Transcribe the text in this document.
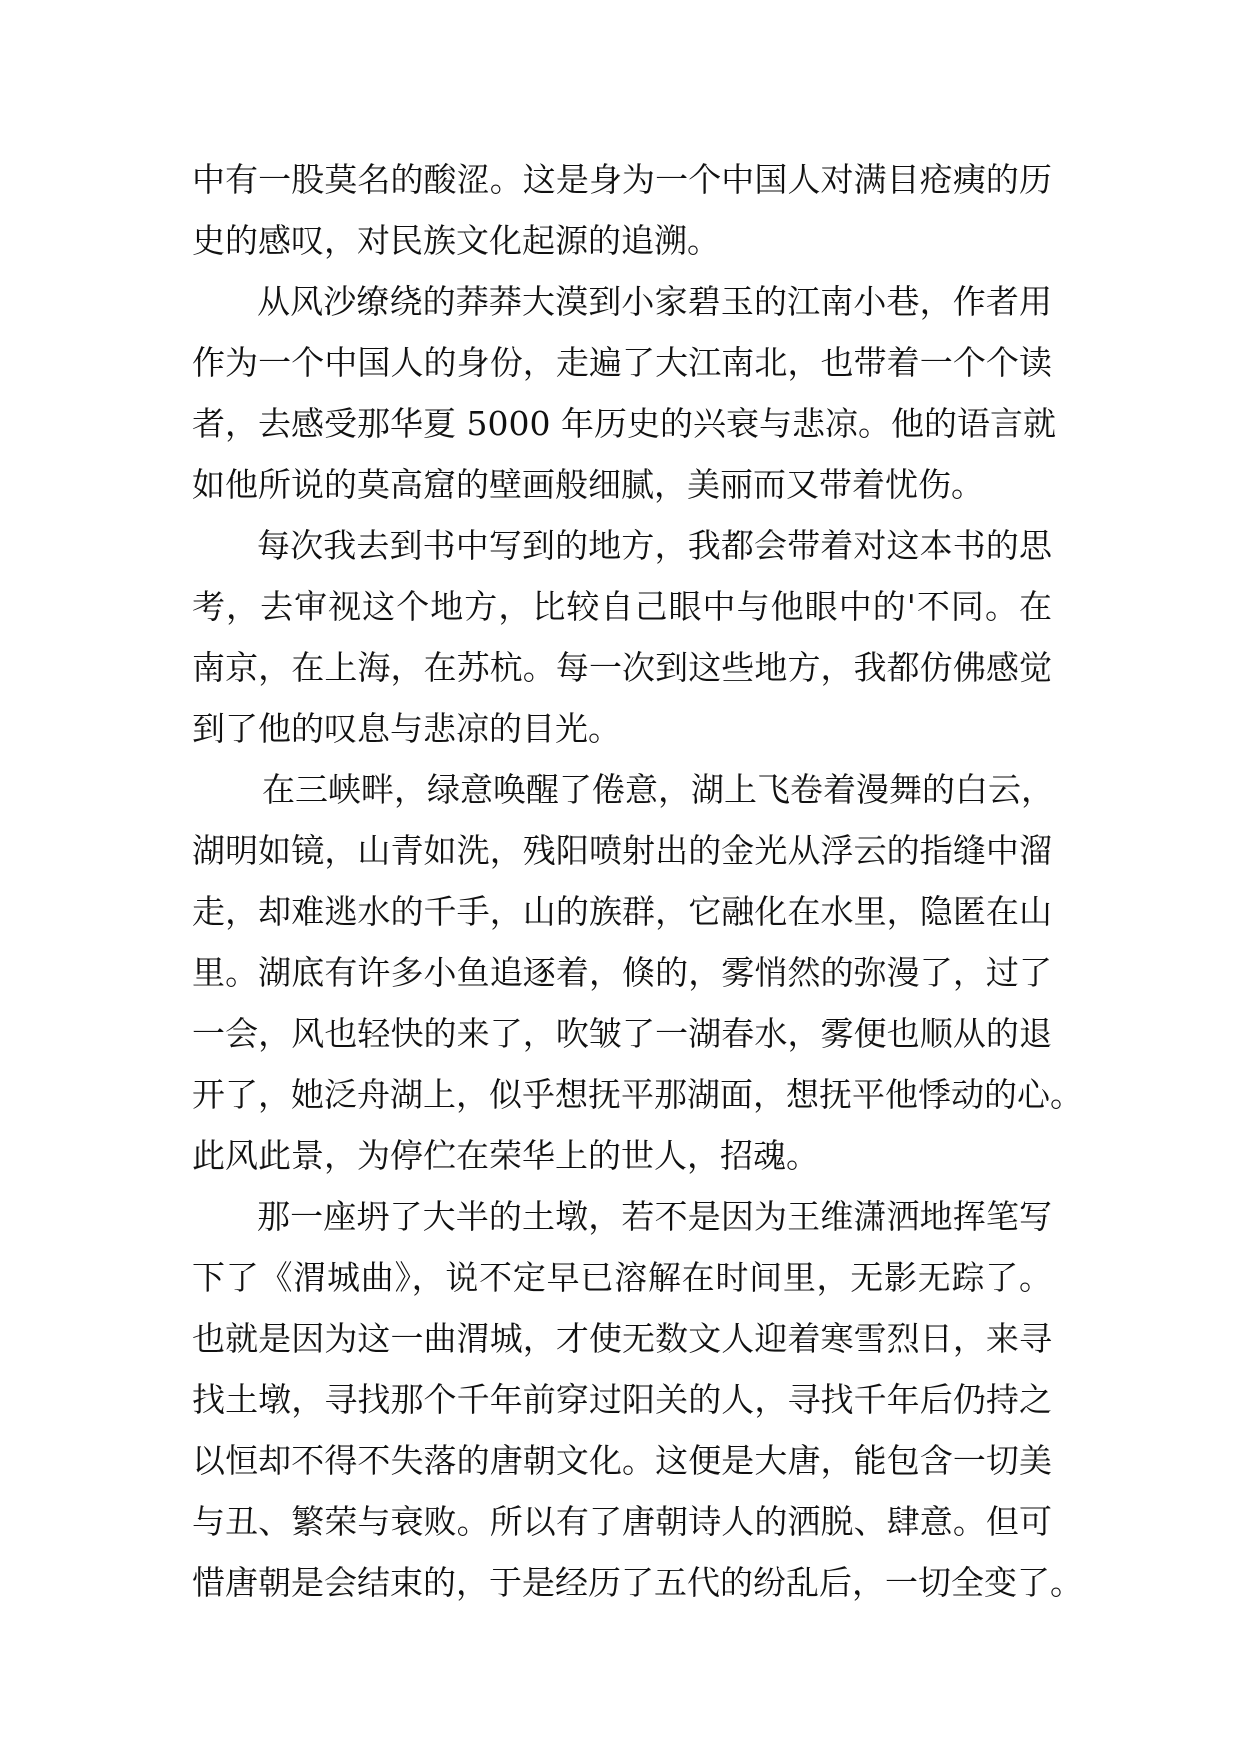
中有一股莫名的酸涩。这是身为一个中国人对满目疮痍的历

史的感叹，对民族文化起源的追溯。

从风沙缭绕的莽莽大漠到小家碧玉的江南小巷，作者用

作为一个中国人的身份，走遍了大江南北，也带着一个个读

者，去感受那华夏 5000 年历史的兴衰与悲凉。他的语言就

如他所说的莫高窟的壁画般细腻，美丽而又带着忧伤。

每次我去到书中写到的地方，我都会带着对这本书的思

考，去审视这个地方，比较自己眼中与他眼中的'不同。在

南京，在上海，在苏杭。每一次到这些地方，我都仿佛感觉

到了他的叹息与悲凉的目光。

在三峡畔，绿意唤醒了倦意，湖上飞卷着漫舞的白云，

湖明如镜，山青如洗，残阳喷射出的金光从浮云的指缝中溜

走，却难逃水的千手，山的族群，它融化在水里，隐匿在山

里。湖底有许多小鱼追逐着，倏的，雾悄然的弥漫了，过了

一会，风也轻快的来了，吹皱了一湖春水，雾便也顺从的退

开了，她泛舟湖上，似乎想抚平那湖面，想抚平他悸动的心。

此风此景，为停伫在荣华上的世人，招魂。

那一座坍了大半的土墩，若不是因为王维潇洒地挥笔写

下了《渭城曲》，说不定早已溶解在时间里，无影无踪了。

也就是因为这一曲渭城，才使无数文人迎着寒雪烈日，来寻

找土墩，寻找那个千年前穿过阳关的人，寻找千年后仍持之

以恒却不得不失落的唐朝文化。这便是大唐，能包含一切美

与丑、繁荣与衰败。所以有了唐朝诗人的洒脱、肆意。但可

惜唐朝是会结束的，于是经历了五代的纷乱后，一切全变了。
